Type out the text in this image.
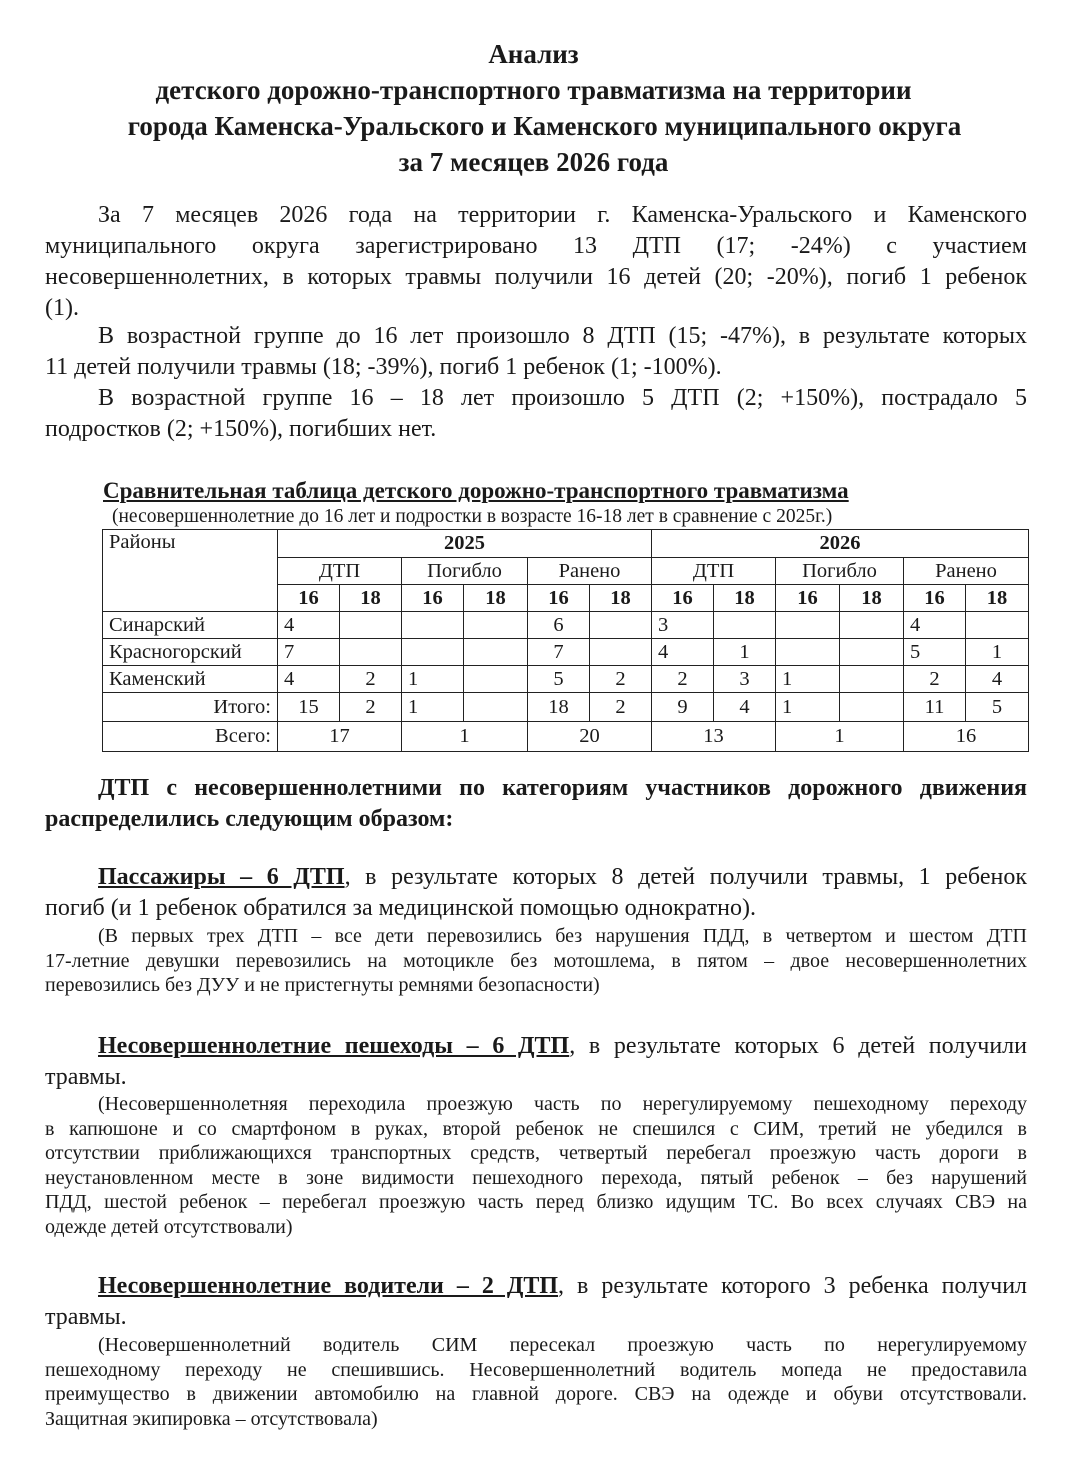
Анализ
детского дорожно-транспортного травматизма на территории
города Каменска-Уральского и Каменского муниципального округа
за 7 месяцев 2026 года
За 7 месяцев 2026 года на территории г. Каменска-Уральского и Каменского
муниципального округа зарегистрировано 13 ДТП (17; -24%) с участием
несовершеннолетних, в которых травмы получили 16 детей (20; -20%), погиб 1 ребенок
(1).
В возрастной группе до 16 лет произошло 8 ДТП (15; -47%), в результате которых
11 детей получили травмы (18; -39%), погиб 1 ребенок (1; -100%).
В возрастной группе 16 – 18 лет произошло 5 ДТП (2; +150%), пострадало 5
подростков (2; +150%), погибших нет.
Сравнительная таблица детского дорожно-транспортного травматизма
(несовершеннолетние до 16 лет и подростки в возрасте 16-18 лет в сравнение с 2025г.)
Районы	2025						2026					
	ДТП		Погибло		Ранено		ДТП		Погибло		Ранено	
	16	18	16	18	16	18	16	18	16	18	16	18
Синарский	4				6		3				4	
Красногорский	7				7		4	1			5	1
Каменский	4	2	1		5	2	2	3	1		2	4
Итого:	15	2	1		18	2	9	4	1		11	5
Всего:	17		1		20		13		1		16	
ДТП с несовершеннолетними по категориям участников дорожного движения
распределились следующим образом:
Пассажиры – 6 ДТП, в результате которых 8 детей получили травмы, 1 ребенок
погиб (и 1 ребенок обратился за медицинской помощью однократно).
(В первых трех ДТП – все дети перевозились без нарушения ПДД, в четвертом и шестом ДТП
17-летние девушки перевозились на мотоцикле без мотошлема, в пятом – двое несовершеннолетних
перевозились без ДУУ и не пристегнуты ремнями безопасности)
Несовершеннолетние пешеходы – 6 ДТП, в результате которых 6 детей получили
травмы.
(Несовершеннолетняя переходила проезжую часть по нерегулируемому пешеходному переходу
в капюшоне и со смартфоном в руках, второй ребенок не спешился с СИМ, третий не убедился в
отсутствии приближающихся транспортных средств, четвертый перебегал проезжую часть дороги в
неустановленном месте в зоне видимости пешеходного перехода, пятый ребенок – без нарушений
ПДД, шестой ребенок – перебегал проезжую часть перед близко идущим ТС. Во всех случаях СВЭ на
одежде детей отсутствовали)
Несовершеннолетние водители – 2 ДТП, в результате которого 3 ребенка получил
травмы.
(Несовершеннолетний водитель СИМ пересекал проезжую часть по нерегулируемому
пешеходному переходу не спешившись. Несовершеннолетний водитель мопеда не предоставила
преимущество в движении автомобилю на главной дороге. СВЭ на одежде и обуви отсутствовали.
Защитная экипировка – отсутствовала)
